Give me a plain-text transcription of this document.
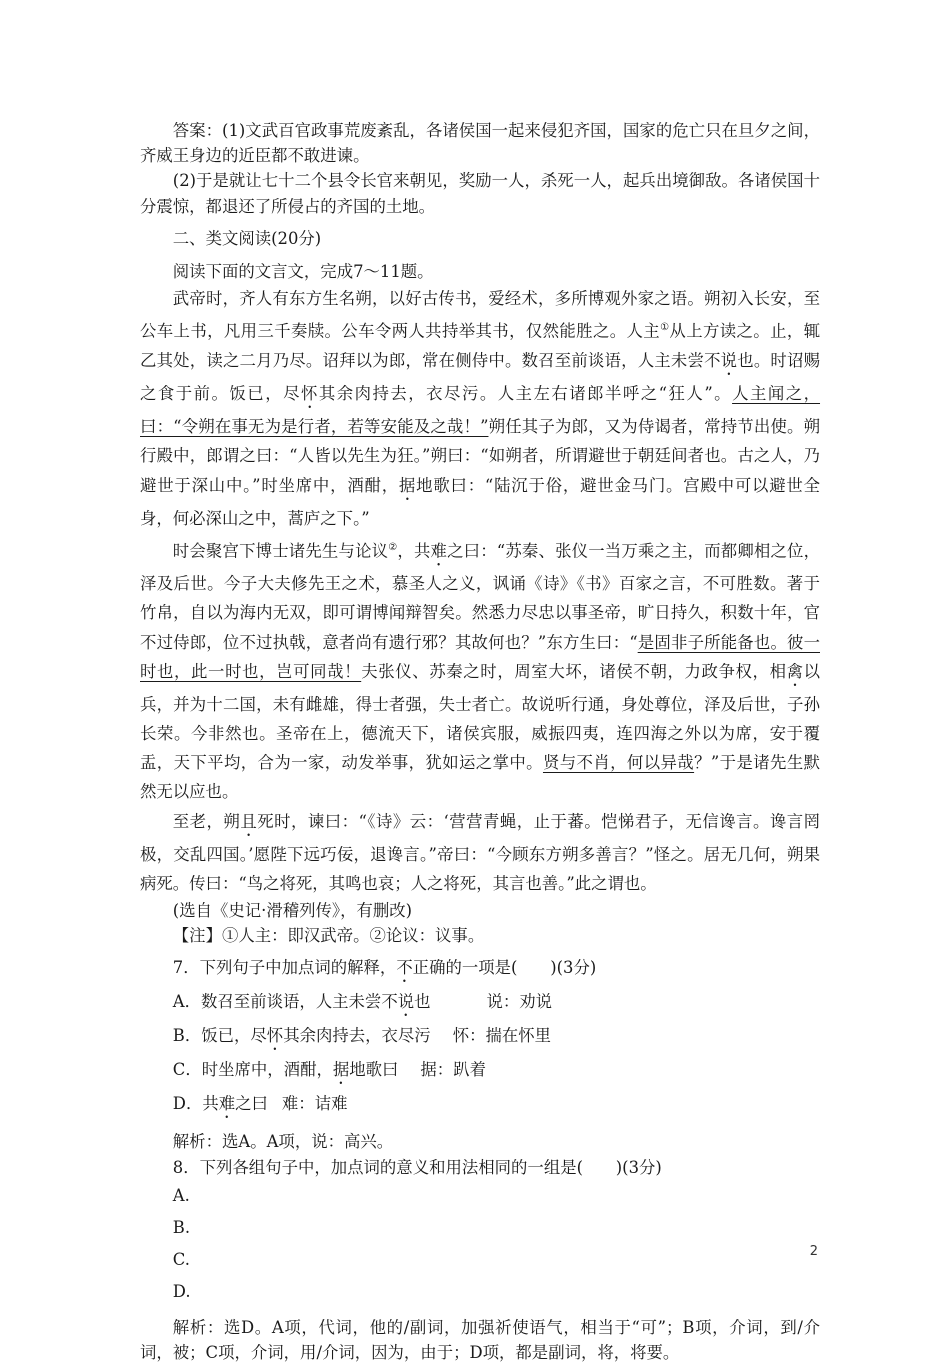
答案：(1)文武百官政事荒废紊乱，各诸侯国一起来侵犯齐国，国家的危亡只在旦夕之间，齐威王身边的近臣都不敢进谏。

(2)于是就让七十二个县令长官来朝见，奖励一人，杀死一人，起兵出境御敌。各诸侯国十分震惊，都退还了所侵占的齐国的土地。

二、类文阅读(20分)

阅读下面的文言文，完成7～11题。

武帝时，齐人有东方生名朔，以好古传书，爱经术，多所博观外家之语。朔初入长安，至公车上书，凡用三千奏牍。公车令两人共持举其书，仅然能胜之。人主①从上方读之。止，辄乙其处，读之二月乃尽。诏拜以为郎，常在侧侍中。数召至前谈语，人主未尝不说也。时诏赐之食于前。饭已，尽怀其余肉持去，衣尽污。人主左右诸郎半呼之“狂人”。人主闻之，曰：“令朔在事无为是行者，若等安能及之哉！”朔任其子为郎，又为侍谒者，常持节出使。朔行殿中，郎谓之曰：“人皆以先生为狂。”朔曰：“如朔者，所谓避世于朝廷间者也。古之人，乃避世于深山中。”时坐席中，酒酣，据地歌曰：“陆沉于俗，避世金马门。宫殿中可以避世全身，何必深山之中，蒿庐之下。”

时会聚宫下博士诸先生与论议②，共难之曰：“苏秦、张仪一当万乘之主，而都卿相之位，泽及后世。今子大夫修先王之术，慕圣人之义，讽诵《诗》《书》百家之言，不可胜数。著于竹帛，自以为海内无双，即可谓博闻辩智矣。然悉力尽忠以事圣帝，旷日持久，积数十年，官不过侍郎，位不过执戟，意者尚有遗行邪？其故何也？”东方生曰：“是固非子所能备也。彼一时也，此一时也，岂可同哉！夫张仪、苏秦之时，周室大坏，诸侯不朝，力政争权，相禽以兵，并为十二国，未有雌雄，得士者强，失士者亡。故说听行通，身处尊位，泽及后世，子孙长荣。今非然也。圣帝在上，德流天下，诸侯宾服，威振四夷，连四海之外以为席，安于覆盂，天下平均，合为一家，动发举事，犹如运之掌中。贤与不肖，何以异哉？”于是诸先生默然无以应也。

至老，朔且死时，谏曰：“《诗》云：‘营营青蝇，止于蕃。恺悌君子，无信谗言。谗言罔极，交乱四国。’愿陛下远巧佞，退谗言。”帝曰：“今顾东方朔多善言？”怪之。居无几何，朔果病死。传曰：“鸟之将死，其鸣也哀；人之将死，其言也善。”此之谓也。

(选自《史记·滑稽列传》，有删改)

【注】①人主：即汉武帝。②论议：议事。

7．下列句子中加点词的解释，不正确的一项是(　　)(3分)

A．数召至前谈语，人主未尝不说也	说：劝说

B．饭已，尽怀其余肉持去，衣尽污 怀：揣在怀里

C．时坐席中，酒酣，据地歌曰 据：趴着

D．共难之曰 难：诘难

解析：选A。A项，说：高兴。

8．下列各组句子中，加点词的意义和用法相同的一组是(　　)(3分)

A.

B.

C.

D.

解析：选D。A项，代词，他的/副词，加强祈使语气，相当于“可”；B项，介词，到/介词，被；C项，介词，用/介词，因为，由于；D项，都是副词，将，将要。

2
